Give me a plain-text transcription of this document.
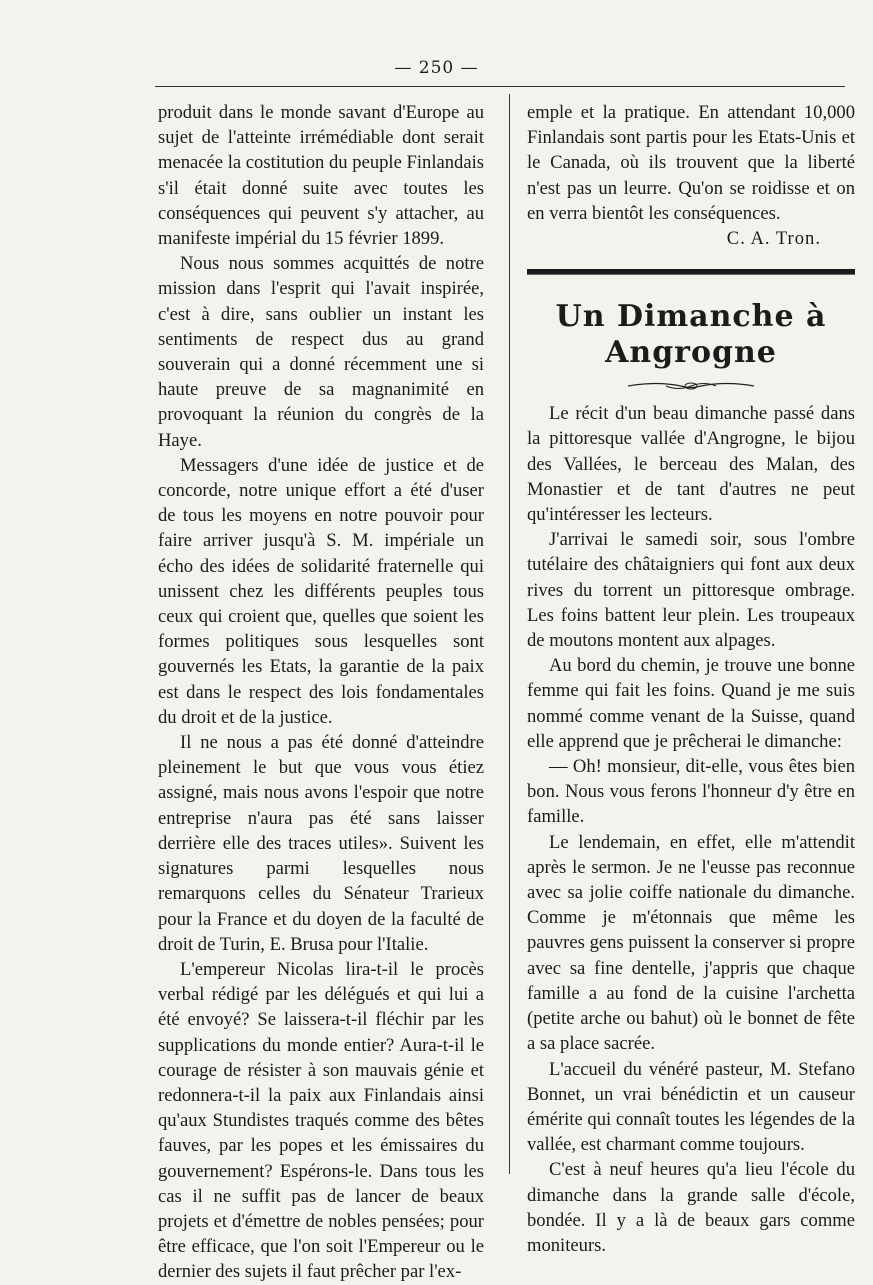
— 250 —

produit dans le monde savant d'Europe au sujet de l'atteinte irrémédiable dont serait menacée la costitution du peuple Finlandais s'il était donné suite avec toutes les conséquences qui peuvent s'y attacher, au manifeste impérial du 15 février 1899.

Nous nous sommes acquittés de notre mission dans l'esprit qui l'avait inspirée, c'est à dire, sans oublier un instant les sentiments de respect dus au grand souverain qui a donné récemment une si haute preuve de sa magnanimité en provoquant la réunion du congrès de la Haye.

Messagers d'une idée de justice et de concorde, notre unique effort a été d'user de tous les moyens en notre pouvoir pour faire arriver jusqu'à S. M. impériale un écho des idées de solidarité fraternelle qui unissent chez les différents peuples tous ceux qui croient que, quelles que soient les formes politiques sous lesquelles sont gouvernés les Etats, la garantie de la paix est dans le respect des lois fondamentales du droit et de la justice.

Il ne nous a pas été donné d'atteindre pleinement le but que vous vous étiez assigné, mais nous avons l'espoir que notre entreprise n'aura pas été sans laisser derrière elle des traces utiles». Suivent les signatures parmi lesquelles nous remarquons celles du Sénateur Trarieux pour la France et du doyen de la faculté de droit de Turin, E. Brusa pour l'Italie.

L'empereur Nicolas lira-t-il le procès verbal rédigé par les délégués et qui lui a été envoyé? Se laissera-t-il fléchir par les supplications du monde entier? Aura-t-il le courage de résister à son mauvais génie et redonnera-t-il la paix aux Finlandais ainsi qu'aux Stundistes traqués comme des bêtes fauves, par les popes et les émissaires du gouvernement? Espérons-le. Dans tous les cas il ne suffit pas de lancer de beaux projets et d'émettre de nobles pensées; pour être efficace, que l'on soit l'Empereur ou le dernier des sujets il faut prêcher par l'ex-

emple et la pratique. En attendant 10,000 Finlandais sont partis pour les Etats-Unis et le Canada, où ils trouvent que la liberté n'est pas un leurre. Qu'on se roidisse et on en verra bientôt les conséquences.

C. A. Tron.
Un Dimanche à Angrogne

Le récit d'un beau dimanche passé dans la pittoresque vallée d'Angrogne, le bijou des Vallées, le berceau des Malan, des Monastier et de tant d'autres ne peut qu'intéresser les lecteurs.

J'arrivai le samedi soir, sous l'ombre tutélaire des châtaigniers qui font aux deux rives du torrent un pittoresque ombrage. Les foins battent leur plein. Les troupeaux de moutons montent aux alpages.

Au bord du chemin, je trouve une bonne femme qui fait les foins. Quand je me suis nommé comme venant de la Suisse, quand elle apprend que je prêcherai le dimanche:

— Oh! monsieur, dit-elle, vous êtes bien bon. Nous vous ferons l'honneur d'y être en famille.

Le lendemain, en effet, elle m'attendit après le sermon. Je ne l'eusse pas reconnue avec sa jolie coiffe nationale du dimanche. Comme je m'étonnais que même les pauvres gens puissent la conserver si propre avec sa fine dentelle, j'appris que chaque famille a au fond de la cuisine l'archetta (petite arche ou bahut) où le bonnet de fête a sa place sacrée.

L'accueil du vénéré pasteur, M. Stefano Bonnet, un vrai bénédictin et un causeur émérite qui connaît toutes les légendes de la vallée, est charmant comme toujours.

C'est à neuf heures qu'a lieu l'école du dimanche dans la grande salle d'école, bondée. Il y a là de beaux gars comme moniteurs.
